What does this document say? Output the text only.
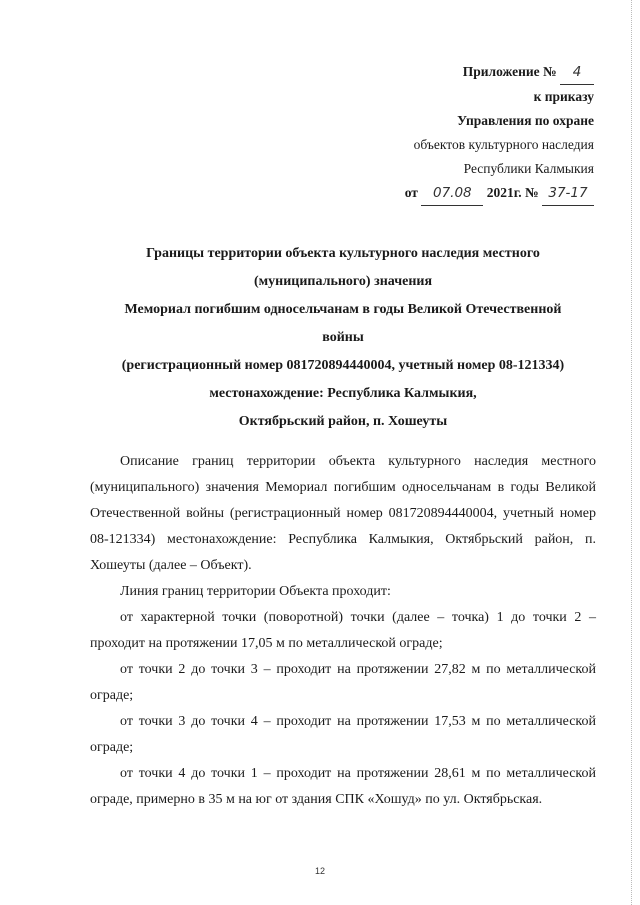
Приложение № 4
к приказу
Управления по охране
объектов культурного наследия
Республики Калмыкия
от 07.08 2021г. № 37-17
Границы территории объекта культурного наследия местного
(муниципального) значения
Мемориал погибшим односельчанам в годы Великой Отечественной
войны
(регистрационный номер 081720894440004, учетный номер 08-121334)
местонахождение: Республика Калмыкия,
Октябрьский район, п. Хошеуты

Описание границ территории объекта культурного наследия местного (муниципального) значения Мемориал погибшим односельчанам в годы Великой Отечественной войны (регистрационный номер 081720894440004, учетный номер 08-121334) местонахождение: Республика Калмыкия, Октябрьский район, п. Хошеуты (далее – Объект).

Линия границ территории Объекта проходит:

от характерной точки (поворотной) точки (далее – точка) 1 до точки 2 – проходит на протяжении 17,05 м по металлической ограде;

от точки 2 до точки 3 – проходит на протяжении 27,82 м по металлической ограде;

от точки 3 до точки 4 – проходит на протяжении 17,53 м по металлической ограде;

от точки 4 до точки 1 – проходит на протяжении 28,61 м по металлической ограде, примерно в 35 м на юг от здания СПК «Хошуд» по ул. Октябрьская.

12
